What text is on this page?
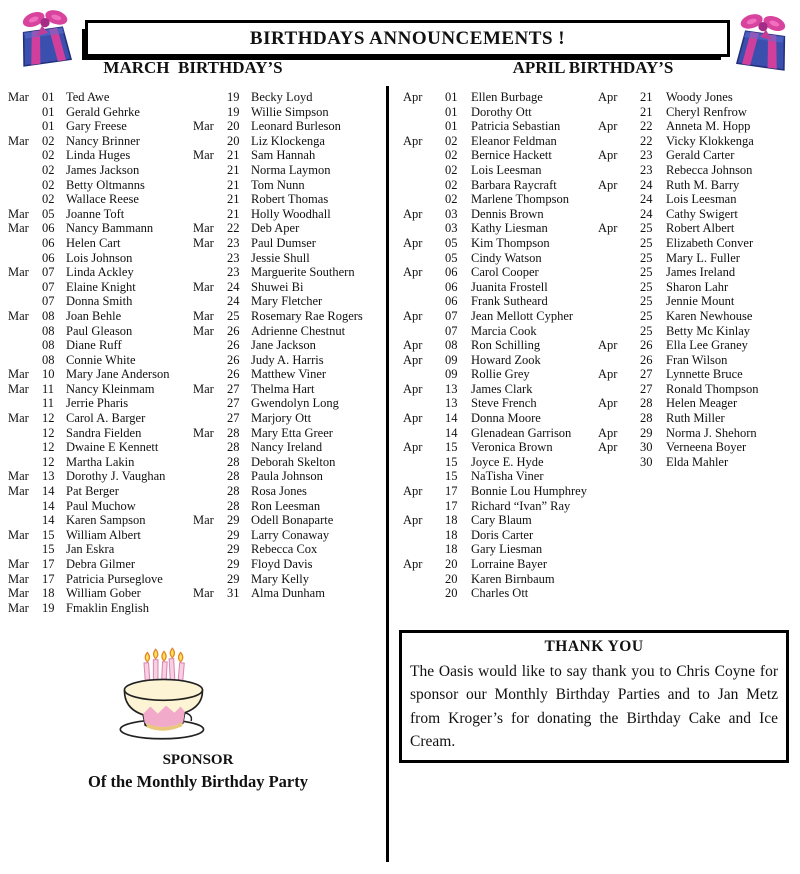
BIRTHDAYS ANNOUNCEMENTS !
MARCH  BIRTHDAY’S	APRIL BIRTHDAY’S
Mar	01 Ted Awe
01 Gerald Gehrke
01 Gary Freese
Mar	02 Nancy Brinner
02 Linda Huges
02 James Jackson
02 Betty Oltmanns
02 Wallace Reese
Mar	05 Joanne Toft
Mar	06 Nancy Bammann
06 Helen Cart
06 Lois Johnson
Mar	07 Linda Ackley
07 Elaine Knight
07 Donna Smith
Mar	08 Joan Behle
08 Paul Gleason
08 Diane Ruff
08 Connie White
Mar	10 Mary Jane Anderson
Mar	11 Nancy Kleinmam
11 Jerrie Pharis
Mar	12 Carol A. Barger
12 Sandra Fielden
12 Dwaine E Kennett
12 Martha Lakin
Mar	13 Dorothy J. Vaughan
Mar	14 Pat Berger
14 Paul Muchow
14 Karen Sampson
Mar	15 William Albert
15 Jan Eskra
Mar	17 Debra Gilmer
Mar	17 Patricia Purseglove
Mar	18 William Gober
Mar	19 Fmaklin English
19 Becky Loyd
19 Willie Simpson
Mar	20 Leonard Burleson
20 Liz Klockenga
Mar	21 Sam Hannah
21 Norma Laymon
21 Tom Nunn
21 Robert Thomas
21 Holly Woodhall
Mar	22 Deb Aper
Mar	23 Paul Dumser
23 Jessie Shull
23 Marguerite Southern
Mar	24 Shuwei Bi
24 Mary Fletcher
Mar	25 Rosemary Rae Rogers
Mar	26 Adrienne Chestnut
26 Jane Jackson
26 Judy A. Harris
26 Matthew Viner
Mar	27 Thelma Hart
27 Gwendolyn Long
27 Marjory Ott
Mar	28 Mary Etta Greer
28 Nancy Ireland
28 Deborah Skelton
28 Paula Johnson
28 Rosa Jones
28 Ron Leesman
Mar	29 Odell Bonaparte
29 Larry Conaway
29 Rebecca Cox
29 Floyd Davis
29 Mary Kelly
Mar	31 Alma Dunham
Apr	01	Ellen Burbage
01	Dorothy Ott
01	Patricia Sebastian
Apr	02	Eleanor Feldman
02	Bernice Hackett
02	Lois Leesman
02	Barbara Raycraft
02	Marlene Thompson
Apr	03	Dennis Brown
03	Kathy Liesman
Apr	05	Kim Thompson
05	Cindy Watson
Apr	06	Carol Cooper
06	Juanita Frostell
06	Frank Sutheard
Apr	07	Jean Mellott Cypher
07	Marcia Cook
Apr	08	Ron Schilling
Apr	09	Howard Zook
09	Rollie Grey
Apr	13	James Clark
13	Steve French
Apr	14	Donna Moore
14	Glenadean Garrison
Apr	15	Veronica Brown
15	Joyce E. Hyde
15	NaTisha Viner
Apr	17	Bonnie Lou Humphrey
17	Richard “Ivan” Ray
Apr	18	Cary Blaum
18	Doris Carter
18	Gary Liesman
Apr	20	Lorraine Bayer
20	Karen Birnbaum
20	Charles Ott
Apr	21	Woody Jones
21	Cheryl Renfrow
Apr	22	Anneta M. Hopp
22	Vicky Klokkenga
Apr	23	Gerald Carter
23	Rebecca Johnson
Apr	24	Ruth M. Barry
24	Lois Leesman
24	Cathy Swigert
Apr	25	Robert Albert
25	Elizabeth Conver
25	Mary L. Fuller
25	James Ireland
25	Sharon Lahr
25	Jennie Mount
25	Karen Newhouse
25	Betty Mc Kinlay
Apr	26	Ella Lee Graney
26	Fran Wilson
Apr	27	Lynnette Bruce
27	Ronald Thompson
Apr	28	Helen Meager
28	Ruth Miller
Apr	29	Norma J. Shehorn
Apr	30	Verneena Boyer
30	Elda Mahler
SPONSOR
Of the Monthly Birthday Party
THANK YOU

The Oasis would like to say thank you to Chris Coyne for sponsor our Monthly Birthday Parties and to Jan Metz from Kroger’s for donating the Birthday Cake and Ice Cream.
